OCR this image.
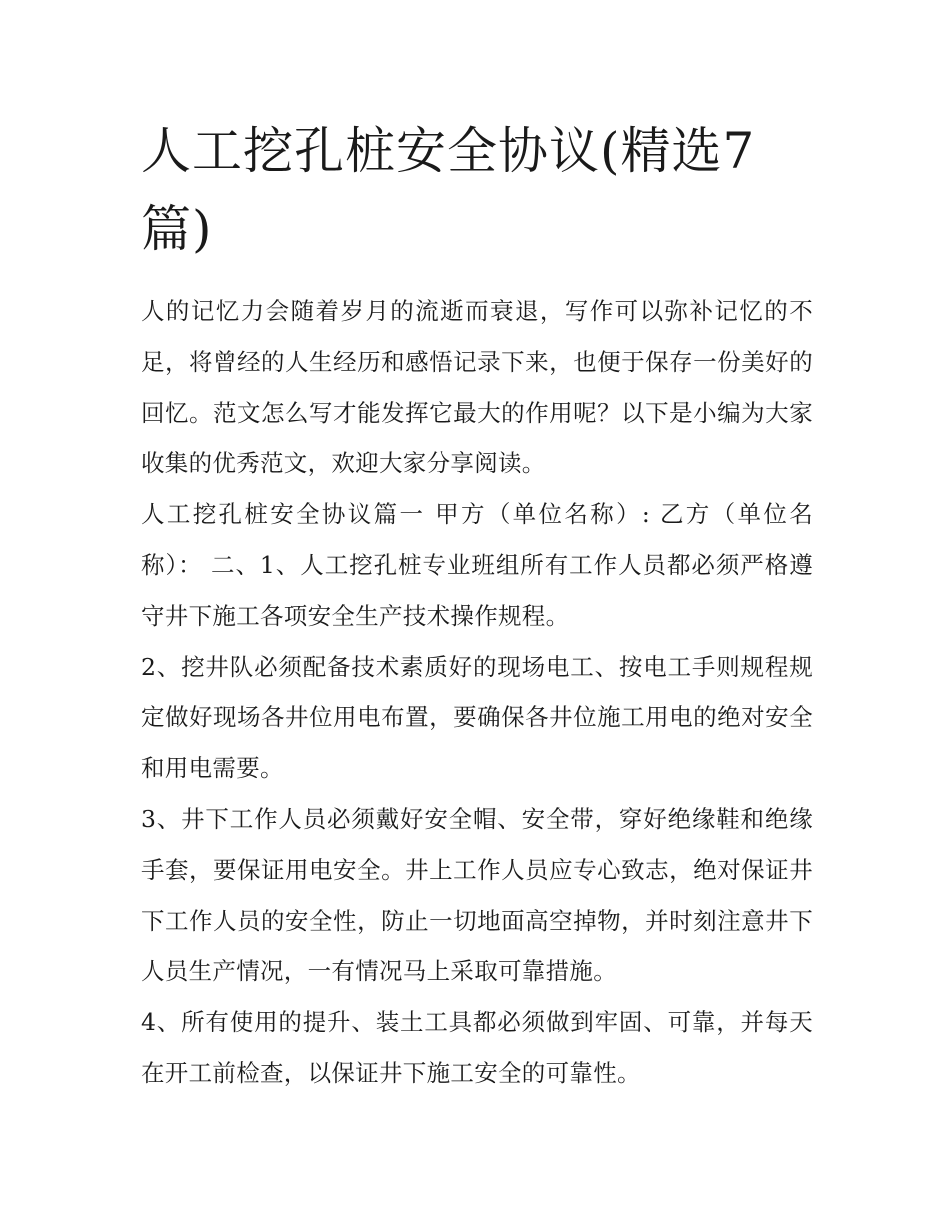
人工挖孔桩安全协议(精选7篇)

人的记忆力会随着岁月的流逝而衰退，写作可以弥补记忆的不足，将曾经的人生经历和感悟记录下来，也便于保存一份美好的回忆。范文怎么写才能发挥它最大的作用呢？以下是小编为大家收集的优秀范文，欢迎大家分享阅读。

人工挖孔桩安全协议篇一 甲方（单位名称）: 乙方（单位名称）： 二、1、人工挖孔桩专业班组所有工作人员都必须严格遵守井下施工各项安全生产技术操作规程。

2、挖井队必须配备技术素质好的现场电工、按电工手则规程规定做好现场各井位用电布置，要确保各井位施工用电的绝对安全和用电需要。

3、井下工作人员必须戴好安全帽、安全带，穿好绝缘鞋和绝缘手套，要保证用电安全。井上工作人员应专心致志，绝对保证井下工作人员的安全性，防止一切地面高空掉物，并时刻注意井下人员生产情况，一有情况马上采取可靠措施。

4、所有使用的提升、装土工具都必须做到牢固、可靠，并每天在开工前检查，以保证井下施工安全的可靠性。
